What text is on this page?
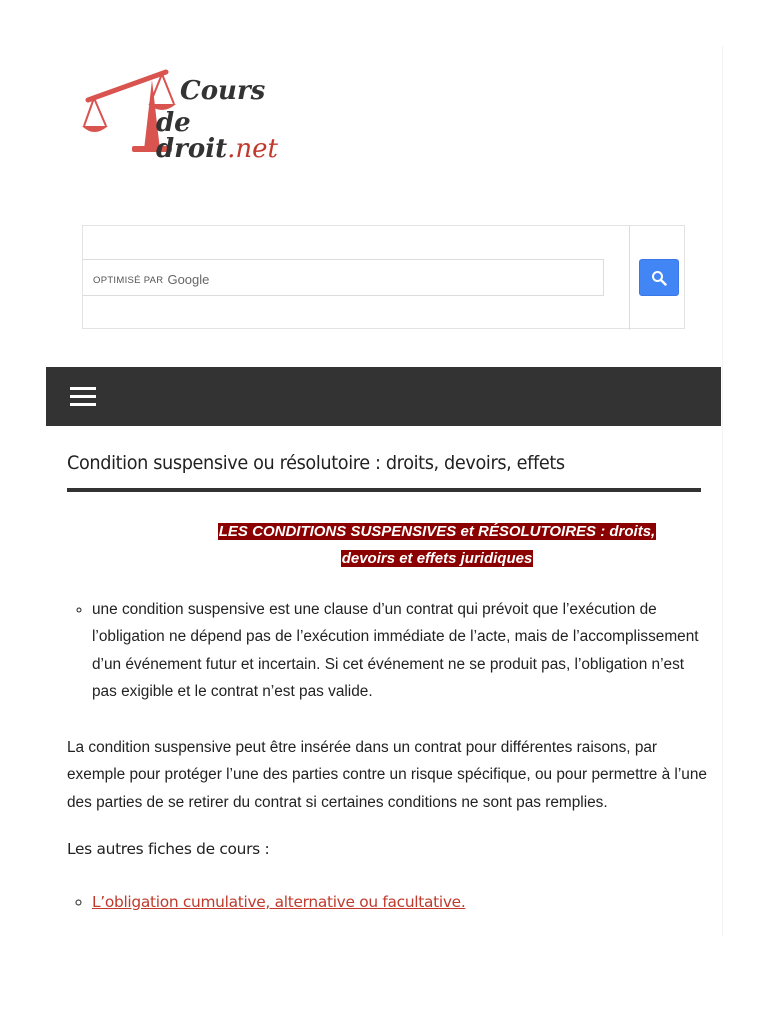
Cours
de droit.net
OPTIMISÉ PAR Google
Condition suspensive ou résolutoire : droits, devoirs, effets
LES CONDITIONS SUSPENSIVES et RÉSOLUTOIRES : droits,
devoirs et effets juridiques
◦ une condition suspensive est une clause d’un contrat qui prévoit que l’exécution de l’obligation ne dépend pas de l’exécution immédiate de l’acte, mais de l’accomplissement d’un événement futur et incertain. Si cet événement ne se produit pas, l’obligation n’est pas exigible et le contrat n’est pas valide.

La condition suspensive peut être insérée dans un contrat pour différentes raisons, par exemple pour protéger l’une des parties contre un risque spécifique, ou pour permettre à l’une des parties de se retirer du contrat si certaines conditions ne sont pas remplies.

Les autres fiches de cours :

◦ L’obligation cumulative, alternative ou facultative.
